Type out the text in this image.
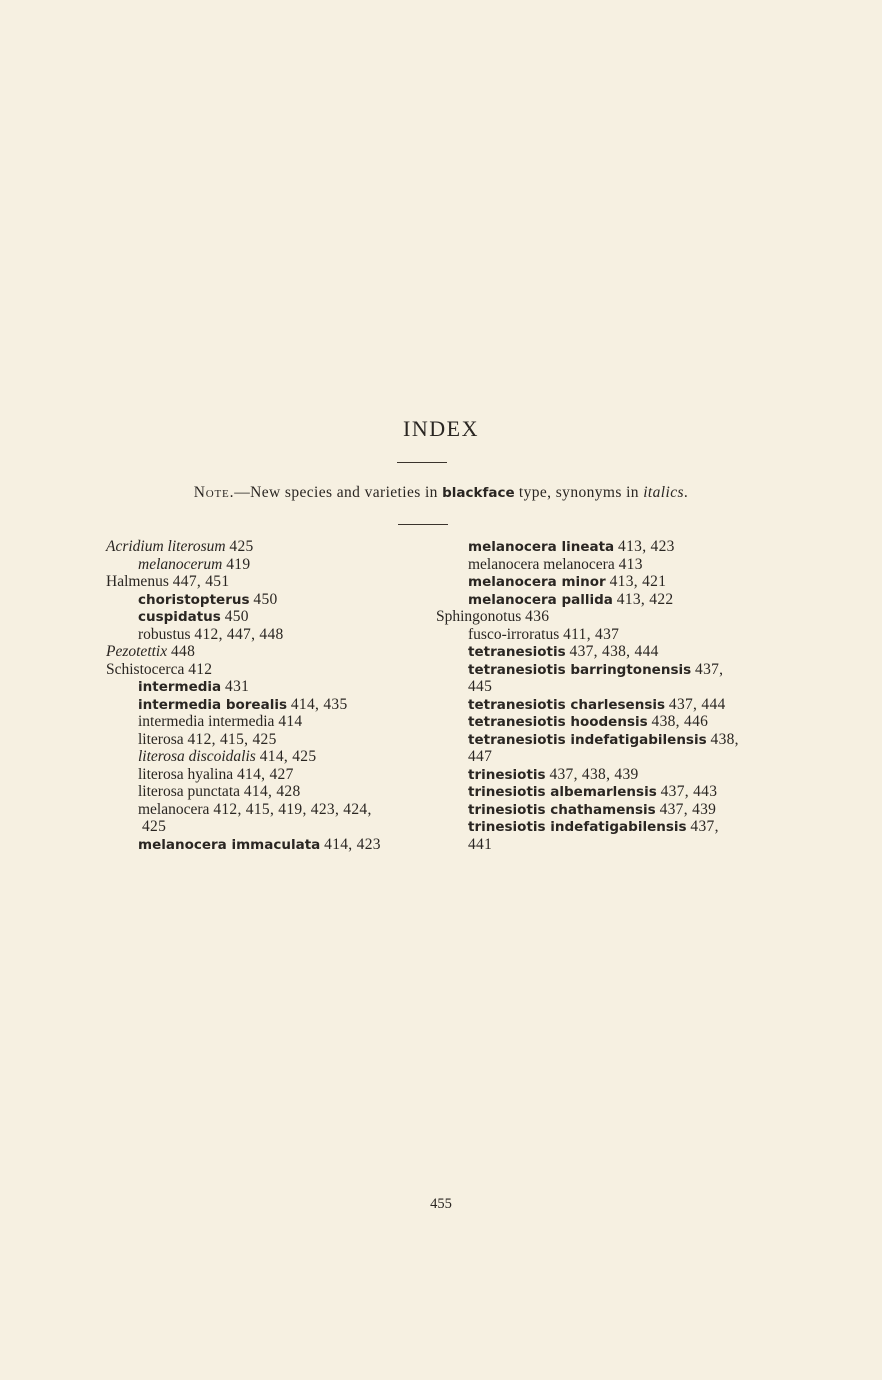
INDEX
Note.—New species and varieties in blackface type, synonyms in italics.
Acridium literosum 425
melanocerum 419
Halmenus 447, 451
choristopterus 450
cuspidatus 450
robustus 412, 447, 448
Pezotettix 448
Schistocerca 412
intermedia 431
intermedia borealis 414, 435
intermedia intermedia 414
literosa 412, 415, 425
literosa discoidalis 414, 425
literosa hyalina 414, 427
literosa punctata 414, 428
melanocera 412, 415, 419, 423, 424,
425
melanocera immaculata 414, 423
melanocera lineata 413, 423
melanocera melanocera 413
melanocera minor 413, 421
melanocera pallida 413, 422
Sphingonotus 436
fusco-irroratus 411, 437
tetranesiotis 437, 438, 444
tetranesiotis barringtonensis 437,
445
tetranesiotis charlesensis 437, 444
tetranesiotis hoodensis 438, 446
tetranesiotis indefatigabilensis 438,
447
trinesiotis 437, 438, 439
trinesiotis albemarlensis 437, 443
trinesiotis chathamensis 437, 439
trinesiotis indefatigabilensis 437,
441
455
